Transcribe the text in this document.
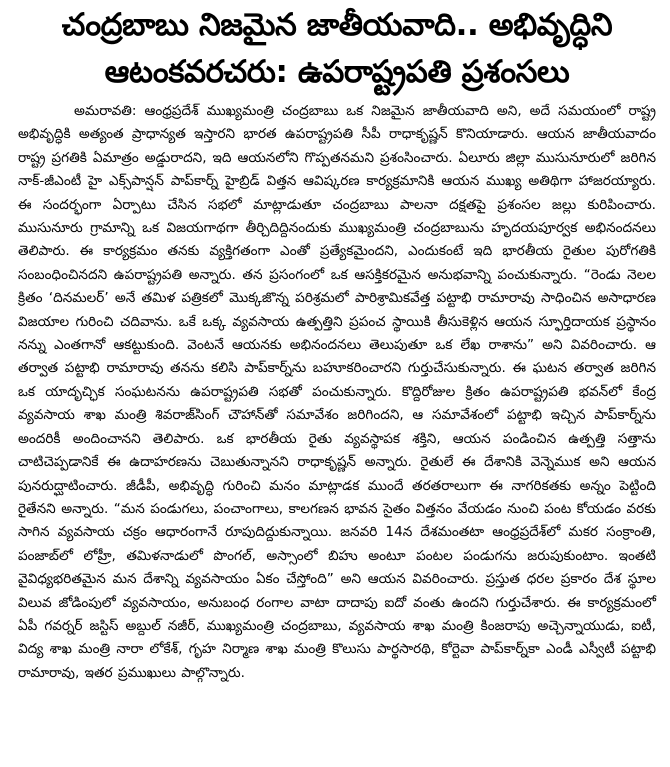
చంద్రబాబు నిజమైన జాతీయవాది.. అభివృద్ధిని
ఆటంకవరచరు: ఉపరాష్ట్రపతి ప్రశంసలు

అమరావతి: ఆంధ్రప్రదేశ్ ముఖ్యమంత్రి చంద్రబాబు ఒక నిజమైన జాతీయవాది అని, అదే సమయంలో రాష్ట్ర అభివృద్ధికి అత్యంత ప్రాధాన్యత ఇస్తారని భారత ఉపరాష్ట్రపతి సీపీ రాధాకృష్ణన్ కొనియాడారు. ఆయన జాతీయవాదం రాష్ట్ర ప్రగతికి ఏమాత్రం అడ్డురాదని, ఇది ఆయనలోని గొప్పతనమని ప్రశంసించారు. ఏలూరు జిల్లా ముసునూరులో జరిగిన నాక్-జీఎంటీ హై ఎక్స్‌పాన్షన్ పాప్‌కార్న్ హైబ్రిడ్ విత్తన ఆవిష్కరణ కార్యక్రమానికి ఆయన ముఖ్య అతిథిగా హాజరయ్యారు. ఈ సందర్భంగా ఏర్పాటు చేసిన సభలో మాట్లాడుతూ చంద్రబాబు పాలనా దక్షతపై ప్రశంసల జల్లు కురిపించారు. ముసునూరు గ్రామాన్ని ఒక విజయగాథగా తీర్చిదిద్దినందుకు ముఖ్యమంత్రి చంద్రబాబును హృదయపూర్వక అభినందనలు తెలిపారు. ఈ కార్యక్రమం తనకు వ్యక్తిగతంగా ఎంతో ప్రత్యేకమైందని, ఎందుకంటే ఇది భారతీయ రైతుల పురోగతికి సంబంధించినదని ఉపరాష్ట్రపతి అన్నారు. తన ప్రసంగంలో ఒక ఆసక్తికరమైన అనుభవాన్ని పంచుకున్నారు. “రెండు నెలల క్రితం ‘దినమలర్’ అనే తమిళ పత్రికలో మొక్కజొన్న పరిశ్రమలో పారిశ్రామికవేత్త పట్టాభి రామారావు సాధించిన అసాధారణ విజయాల గురించి చదివాను. ఒకే ఒక్క వ్యవసాయ ఉత్పత్తిని ప్రపంచ స్థాయికి తీసుకెళ్లిన ఆయన స్ఫూర్తిదాయక ప్రస్థానం నన్ను ఎంతగానో ఆకట్టుకుంది. వెంటనే ఆయనకు అభినందనలు తెలుపుతూ ఒక లేఖ రాశాను” అని వివరించారు. ఆ తర్వాత పట్టాభి రామారావు తనను కలిసి పాప్‌కార్న్‌ను బహూకరించారని గుర్తుచేసుకున్నారు. ఈ ఘటన తర్వాత జరిగిన ఒక యాదృచ్ఛిక సంఘటనను ఉపరాష్ట్రపతి సభతో పంచుకున్నారు. కొద్దిరోజుల క్రితం ఉపరాష్ట్రపతి భవన్‌లో కేంద్ర వ్యవసాయ శాఖ మంత్రి శివరాజ్‌సింగ్ చౌహాన్‌తో సమావేశం జరిగిందని, ఆ సమావేశంలో పట్టాభి ఇచ్చిన పాప్‌కార్న్‌ను అందరికీ అందించానని తెలిపారు. ఒక భారతీయ రైతు వ్యవస్థాపక శక్తిని, ఆయన పండించిన ఉత్పత్తి సత్తాను చాటిచెప్పడానికే ఈ ఉదాహరణను చెబుతున్నానని రాధాకృష్ణన్ అన్నారు. రైతులే ఈ దేశానికి వెన్నెముక అని ఆయన పునరుద్ఘాటించారు. జీడీపీ, అభివృద్ధి గురించి మనం మాట్లాడక ముందే తరతరాలుగా ఈ నాగరికతకు అన్నం పెట్టింది రైతేనని అన్నారు. “మన పండుగలు, పంచాంగాలు, కాలగణన భావన సైతం విత్తనం వేయడం నుంచి పంట కోయడం వరకు సాగిన వ్యవసాయ చక్రం ఆధారంగానే రూపుదిద్దుకున్నాయి. జనవరి 14న దేశమంతటా ఆంధ్రప్రదేశ్‌లో మకర సంక్రాంతి, పంజాబ్‌లో లోహ్రీ, తమిళనాడులో పొంగల్, అస్సాంలో బిహు అంటూ పంటల పండుగను జరుపుకుంటాం. ఇంతటి వైవిధ్యభరితమైన మన దేశాన్ని వ్యవసాయం ఏకం చేస్తోంది” అని ఆయన వివరించారు. ప్రస్తుత ధరల ప్రకారం దేశ స్థూల విలువ జోడింపులో వ్యవసాయం, అనుబంధ రంగాల వాటా దాదాపు ఐదో వంతు ఉందని గుర్తుచేశారు. ఈ కార్యక్రమంలో ఏపీ గవర్నర్ జస్టిస్ అబ్దుల్ నజీర్, ముఖ్యమంత్రి చంద్రబాబు, వ్యవసాయ శాఖ మంత్రి కింజరాపు అచ్చెన్నాయుడు, ఐటీ, విద్య శాఖ మంత్రి నారా లోకేశ్, గృహ నిర్మాణ శాఖ మంత్రి కొలుసు పార్థసారథి, కోర్టెవా పాప్‌కార్న్‌కా ఎండీ ఎస్వీటీ పట్టాభి రామారావు, ఇతర ప్రముఖులు పాల్గొన్నారు.
